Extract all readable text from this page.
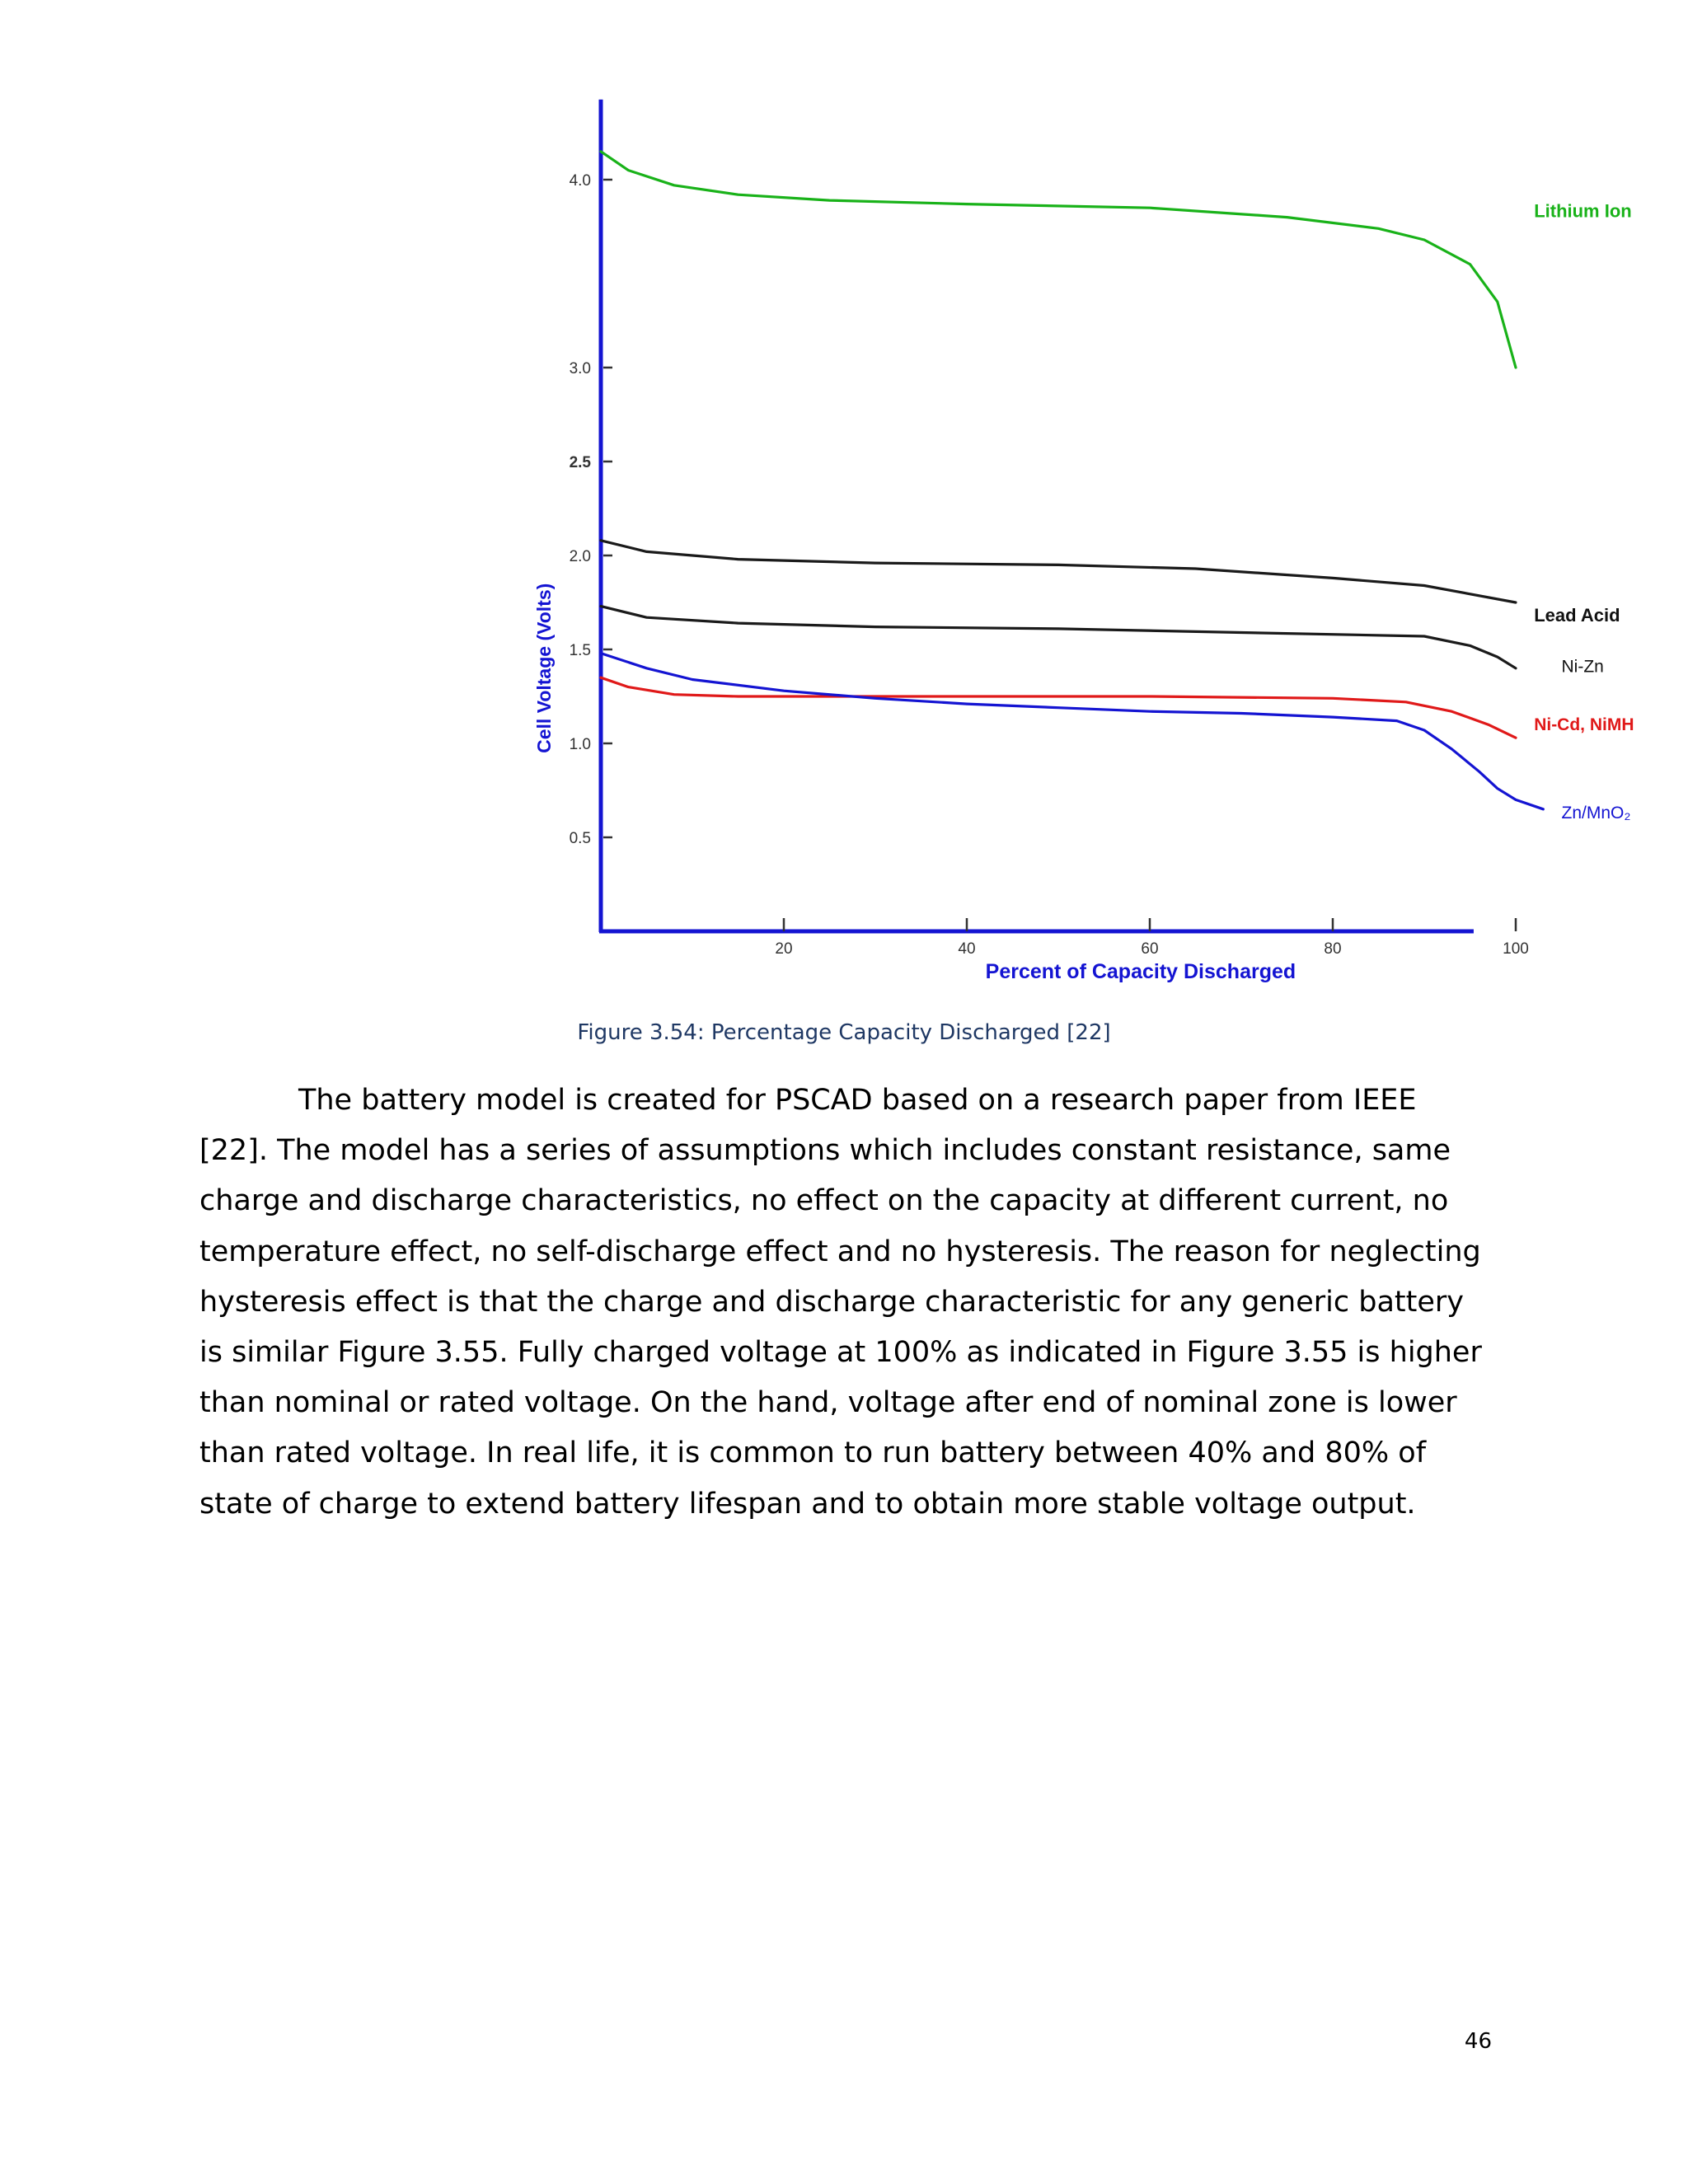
0.5
1.0
1.5
2.0
2.5
3.0
4.0
20	40	60	80	100
Percent of Capacity Discharged
Cell Voltage (Volts)
Lithium Ion
Lead Acid
Ni-Zn
Ni-Cd, NiMH
Zn/MnO₂
Figure 3.54: Percentage Capacity Discharged [22]

The battery model is created for PSCAD based on a research paper from IEEE [22]. The model has a series of assumptions which includes constant resistance, same charge and discharge characteristics, no effect on the capacity at different current, no temperature effect, no self-discharge effect and no hysteresis. The reason for neglecting hysteresis effect is that the charge and discharge characteristic for any generic battery is similar Figure 3.55. Fully charged voltage at 100% as indicated in Figure 3.55 is higher than nominal or rated voltage. On the hand, voltage after end of nominal zone is lower than rated voltage. In real life, it is common to run battery between 40% and 80% of state of charge to extend battery lifespan and to obtain more stable voltage output.

46
